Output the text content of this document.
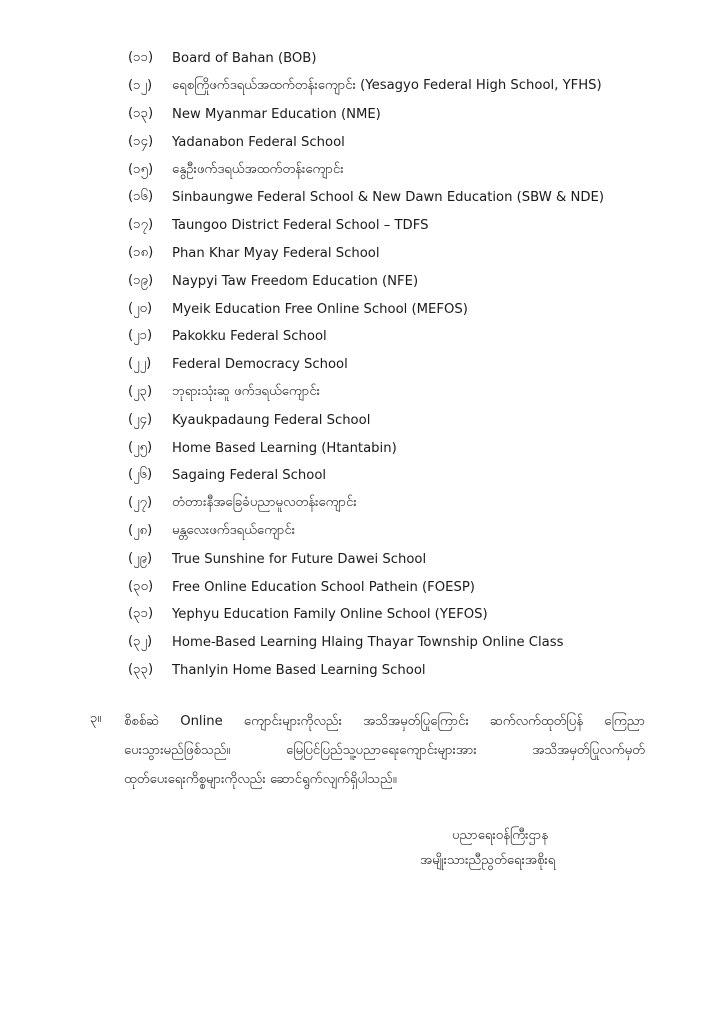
(၁၁)	Board of Bahan (BOB)
(၁၂)	ရေစကြိုဖက်ဒရယ်အထက်တန်းကျောင်း (Yesagyo Federal High School, YFHS)
(၁၃)	New Myanmar Education (NME)
(၁၄)	Yadanabon Federal School
(၁၅)	နွေဦးဖက်ဒရယ်အထက်တန်းကျောင်း
(၁၆)	Sinbaungwe Federal School & New Dawn Education (SBW & NDE)
(၁၇)	Taungoo District Federal School – TDFS
(၁၈)	Phan Khar Myay Federal School
(၁၉)	Naypyi Taw Freedom Education (NFE)
(၂၀)	Myeik Education Free Online School (MEFOS)
(၂၁)	Pakokku Federal School
(၂၂)	Federal Democracy School
(၂၃)	ဘုရားသုံးဆူ ဖက်ဒရယ်ကျောင်း
(၂၄)	Kyaukpadaung Federal School
(၂၅)	Home Based Learning (Htantabin)
(၂၆)	Sagaing Federal School
(၂၇)	တံတားနီအခြေခံပညာမူလတန်းကျောင်း
(၂၈)	မန္တလေးဖက်ဒရယ်ကျောင်း
(၂၉)	True Sunshine for Future Dawei School
(၃၀)	Free Online Education School Pathein (FOESP)
(၃၁)	Yephyu Education Family Online School (YEFOS)
(၃၂)	Home-Based Learning Hlaing Thayar Township Online Class
(၃၃)	Thanlyin Home Based Learning School
၃။ စိစစ်ဆဲ Online ကျောင်းများကိုလည်း အသိအမှတ်ပြုကြောင်း ဆက်လက်ထုတ်ပြန် ကြေညာ
ပေးသွားမည်ဖြစ်သည်။ မြေပြင်ပြည်သူ့ပညာရေးကျောင်းများအား အသိအမှတ်ပြုလက်မှတ်
ထုတ်ပေးရေးကိစ္စများကိုလည်း ဆောင်ရွက်လျက်ရှိပါသည်။
ပညာရေးဝန်ကြီးဌာန
အမျိုးသားညီညွတ်ရေးအစိုးရ
